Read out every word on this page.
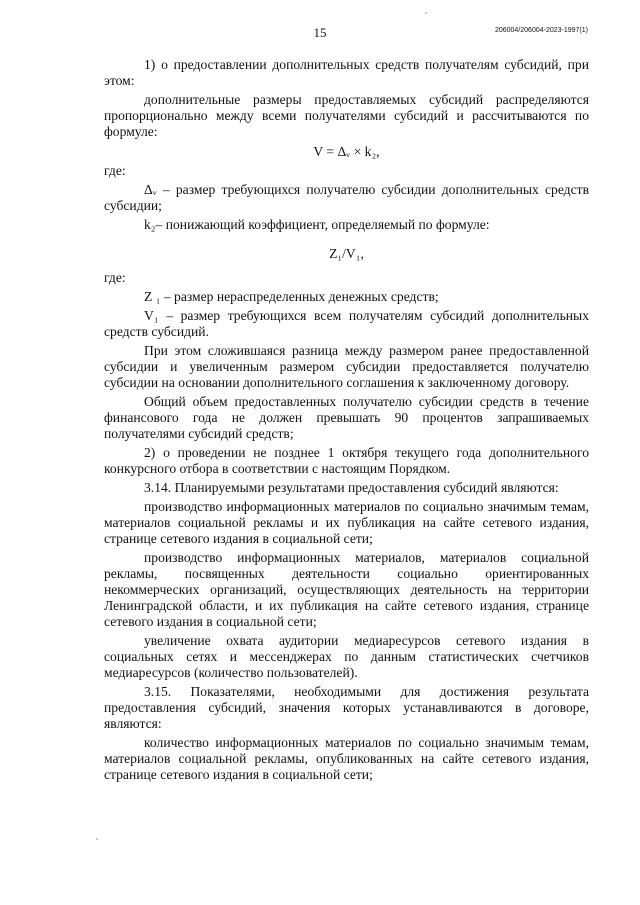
15	206004/206004-2023-1997(1)

1) о предоставлении дополнительных средств получателям субсидий, при этом:

дополнительные размеры предоставляемых субсидий распределяются пропорционально между всеми получателями субсидий и рассчитываются по формуле:

V = Δᵥ × k₂,

где:

Δᵥ – размер требующихся получателю субсидии дополнительных средств субсидии;

k₂– понижающий коэффициент, определяемый по формуле:

Z₁/V₁,

где:

Z ₁ – размер нераспределенных денежных средств;

V₁ – размер требующихся всем получателям субсидий дополнительных средств субсидий.

При этом сложившаяся разница между размером ранее предоставленной субсидии и увеличенным размером субсидии предоставляется получателю субсидии на основании дополнительного соглашения к заключенному договору.

Общий объем предоставленных получателю субсидии средств в течение финансового года не должен превышать 90 процентов запрашиваемых получателями субсидий средств;

2) о проведении не позднее 1 октября текущего года дополнительного конкурсного отбора в соответствии с настоящим Порядком.

3.14. Планируемыми результатами предоставления субсидий являются:

производство информационных материалов по социально значимым темам, материалов социальной рекламы и их публикация на сайте сетевого издания, странице сетевого издания в социальной сети;

производство информационных материалов, материалов социальной рекламы, посвященных деятельности социально ориентированных некоммерческих организаций, осуществляющих деятельность на территории Ленинградской области, и их публикация на сайте сетевого издания, странице сетевого издания в социальной сети;

увеличение охвата аудитории медиаресурсов сетевого издания в социальных сетях и мессенджерах по данным статистических счетчиков медиаресурсов (количество пользователей).

3.15. Показателями, необходимыми для достижения результата предоставления субсидий, значения которых устанавливаются в договоре, являются:

количество информационных материалов по социально значимым темам, материалов социальной рекламы, опубликованных на сайте сетевого издания, странице сетевого издания в социальной сети;
